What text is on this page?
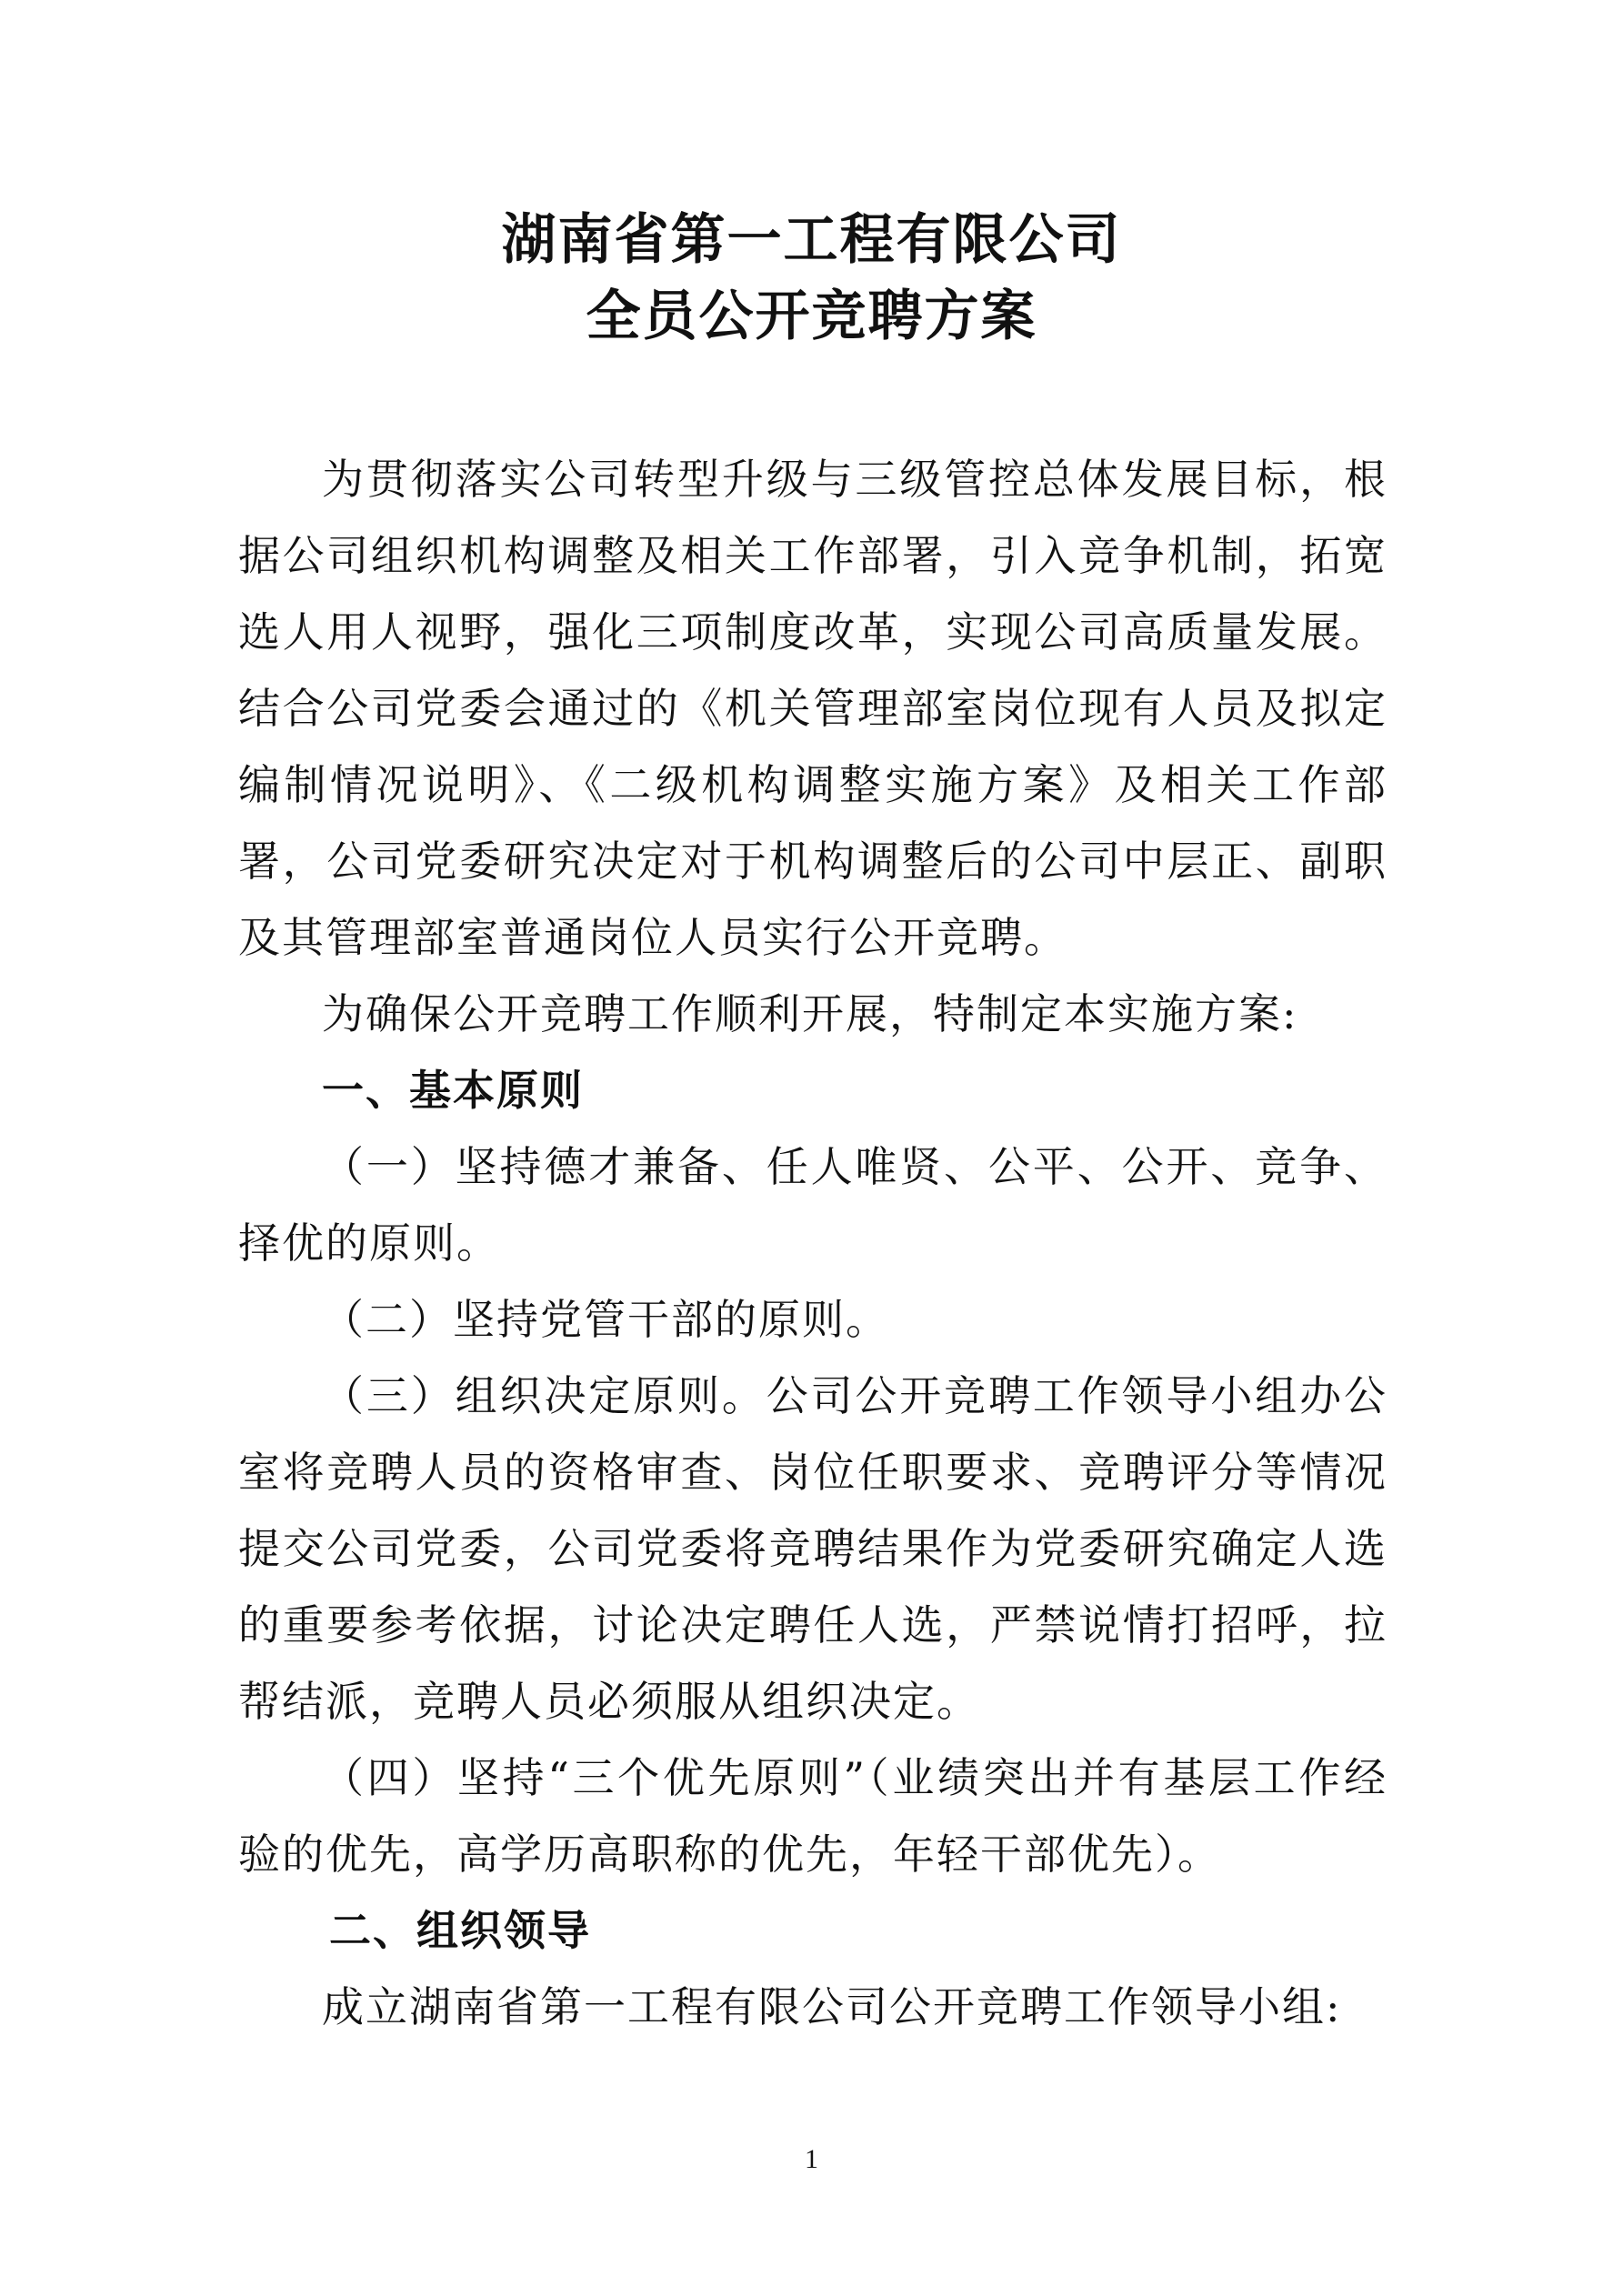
湖南省第一工程有限公司
全员公开竞聘方案

为贯彻落实公司转型升级与三级管控总体发展目标，根据公司组织机构调整及相关工作部署，引入竞争机制，拓宽选人用人视野，强化三项制度改革，实现公司高质量发展。结合公司党委会通过的《机关管理部室岗位现有人员及拟定编制情况说明》、《二级机构调整实施方案》及相关工作部署，公司党委研究决定对于机构调整后的公司中层正、副职及其管理部室普通岗位人员实行公开竞聘。

为确保公开竞聘工作顺利开展，特制定本实施方案:

一、基本原则

（一）坚持德才兼备、任人唯贤、公平、公开、竞争、择优的原则。

（二）坚持党管干部的原则。

（三）组织决定原则。公司公开竞聘工作领导小组办公室将竞聘人员的资格审查、岗位任职要求、竞聘评分等情况提交公司党委，公司党委将竞聘结果作为党委研究确定人选的重要参考依据，讨论决定聘任人选，严禁说情打招呼，拉帮结派，竞聘人员必须服从组织决定。

（四）坚持“三个优先原则”（业绩突出并有基层工作经验的优先，高学历高职称的优先，年轻干部优先）。

二、组织领导

成立湖南省第一工程有限公司公开竞聘工作领导小组:

1
